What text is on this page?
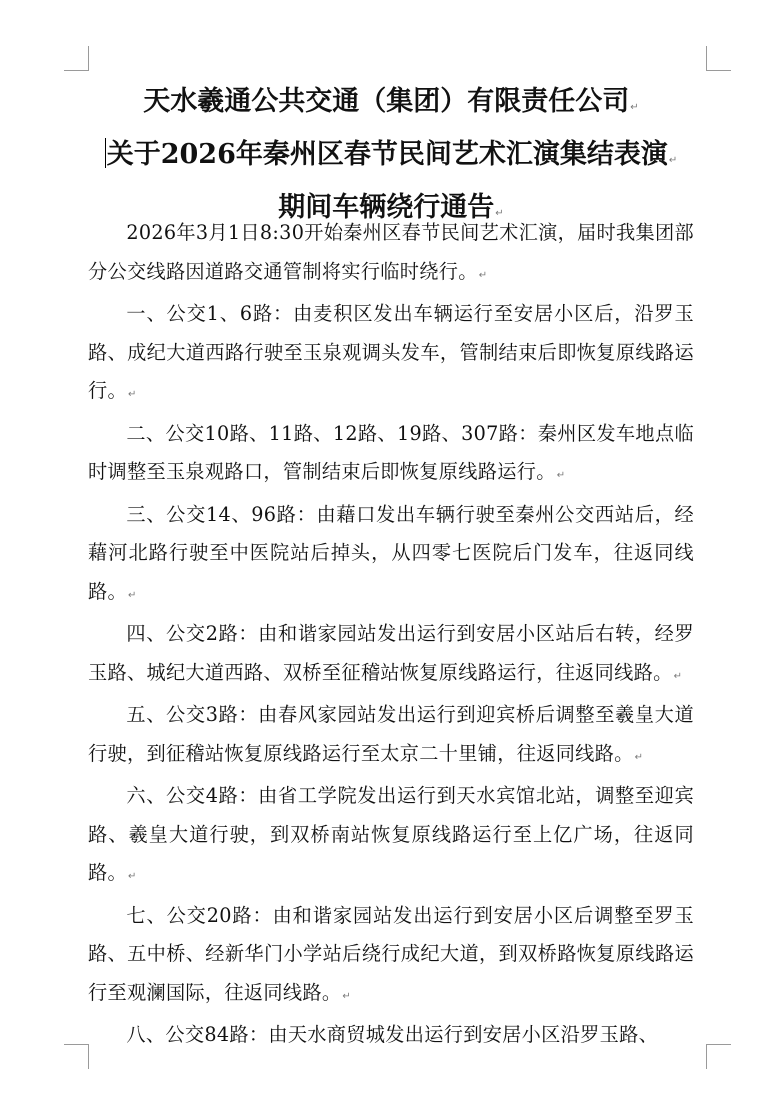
天水羲通公共交通（集团）有限责任公司↵
关于2026年秦州区春节民间艺术汇演集结表演↵
期间车辆绕行通告↵

2026年3月1日8:30开始秦州区春节民间艺术汇演，届时我集团部分公交线路因道路交通管制将实行临时绕行。↵

一、公交1、6路：由麦积区发出车辆运行至安居小区后，沿罗玉路、成纪大道西路行驶至玉泉观调头发车，管制结束后即恢复原线路运行。↵

二、公交10路、11路、12路、19路、307路：秦州区发车地点临时调整至玉泉观路口，管制结束后即恢复原线路运行。↵

三、公交14、96路：由藉口发出车辆行驶至秦州公交西站后，经藉河北路行驶至中医院站后掉头，从四零七医院后门发车，往返同线路。↵

四、公交2路：由和谐家园站发出运行到安居小区站后右转，经罗玉路、城纪大道西路、双桥至征稽站恢复原线路运行，往返同线路。↵

五、公交3路：由春风家园站发出运行到迎宾桥后调整至羲皇大道行驶，到征稽站恢复原线路运行至太京二十里铺，往返同线路。↵

六、公交4路：由省工学院发出运行到天水宾馆北站，调整至迎宾路、羲皇大道行驶，到双桥南站恢复原线路运行至上亿广场，往返同路。↵

七、公交20路：由和谐家园站发出运行到安居小区后调整至罗玉路、五中桥、经新华门小学站后绕行成纪大道，到双桥路恢复原线路运行至观澜国际，往返同线路。↵

八、公交84路：由天水商贸城发出运行到安居小区沿罗玉路、
